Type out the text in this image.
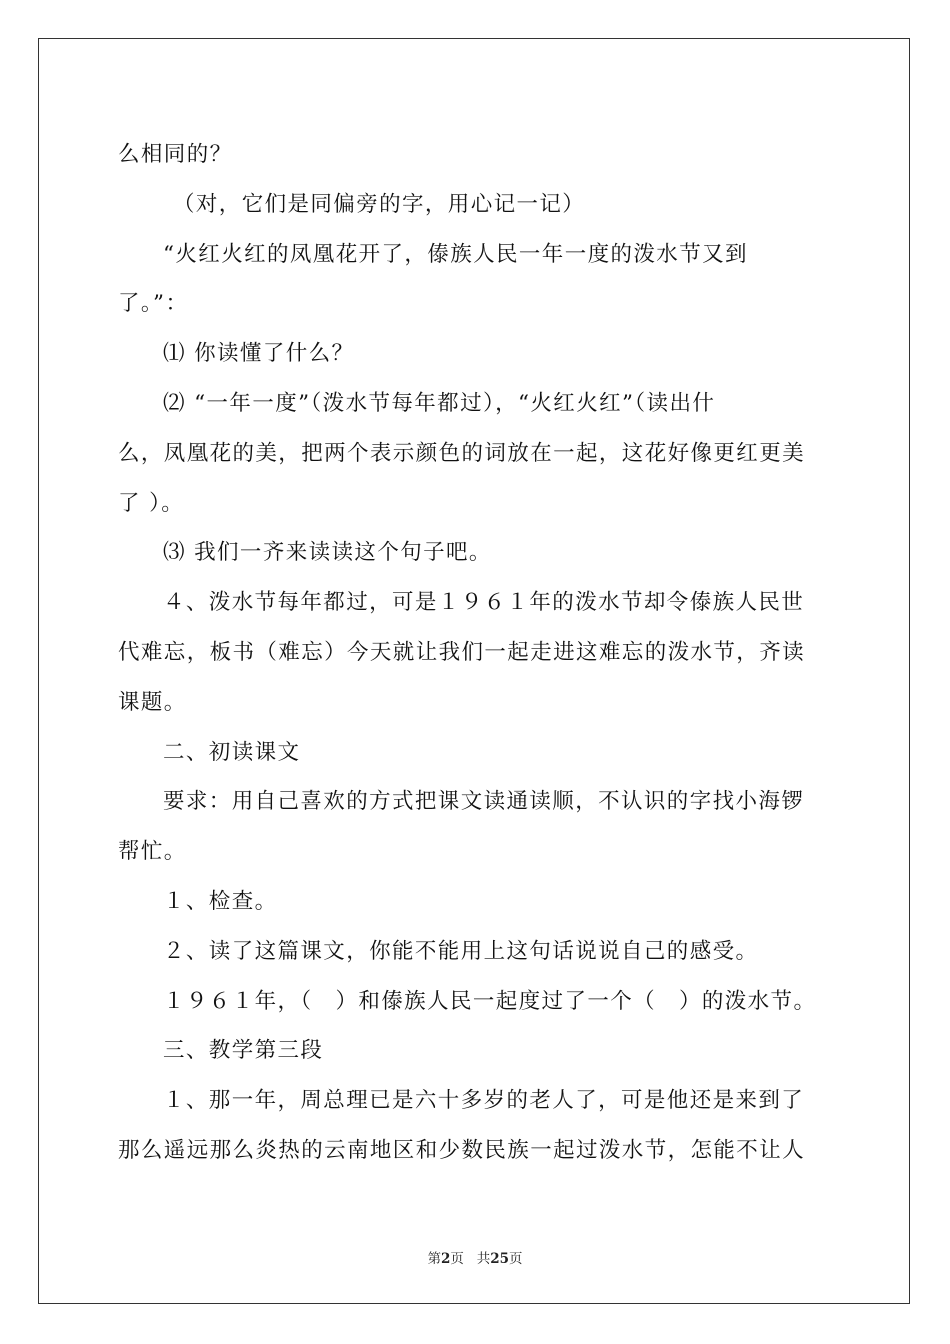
么相同的？
（对，它们是同偏旁的字，用心记一记）
“火红火红的凤凰花开了，傣族人民一年一度的泼水节又到
了。”：
⑴ 你读懂了什么？
⑵ “一年一度”（泼水节每年都过），“火红火红”（读出什
么，凤凰花的美，把两个表示颜色的词放在一起，这花好像更红更美
了 ）。
⑶ 我们一齐来读读这个句子吧。
４、泼水节每年都过，可是１９６１年的泼水节却令傣族人民世
代难忘，板书（难忘）今天就让我们一起走进这难忘的泼水节，齐读
课题。
二、初读课文
要求：用自己喜欢的方式把课文读通读顺，不认识的字找小海锣
帮忙。
１、检查。
２、读了这篇课文，你能不能用上这句话说说自己的感受。
１９６１年，（　）和傣族人民一起度过了一个（　）的泼水节。
三、教学第三段
１、那一年，周总理已是六十多岁的老人了，可是他还是来到了
那么遥远那么炎热的云南地区和少数民族一起过泼水节，怎能不让人
第2页 共25页
